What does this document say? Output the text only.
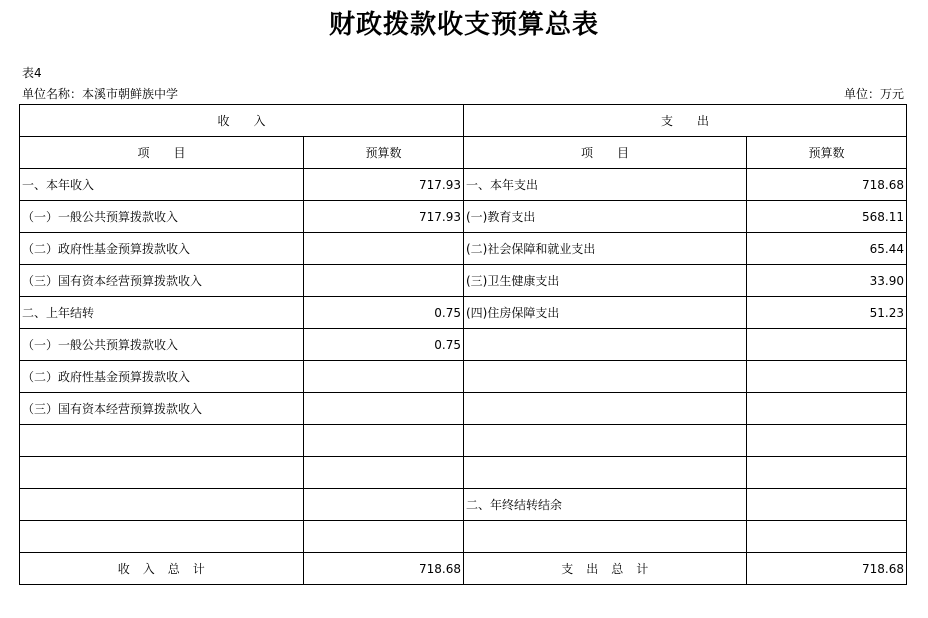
财政拨款收支预算总表
表4
单位名称：本溪市朝鲜族中学	单位：万元
收　　入		支　　出	
项　　目	预算数	项　　目	预算数
一、本年收入	717.93	一、本年支出	718.68
（一）一般公共预算拨款收入	717.93	(一)教育支出	568.11
（二）政府性基金预算拨款收入		(二)社会保障和就业支出	65.44
（三）国有资本经营预算拨款收入		(三)卫生健康支出	33.90
二、上年结转	0.75	(四)住房保障支出	51.23
（一）一般公共预算拨款收入	0.75		
（二）政府性基金预算拨款收入			
（三）国有资本经营预算拨款收入			

		二、年终结转结余	

收　入　总　计	718.68	支　出　总　计	718.68
